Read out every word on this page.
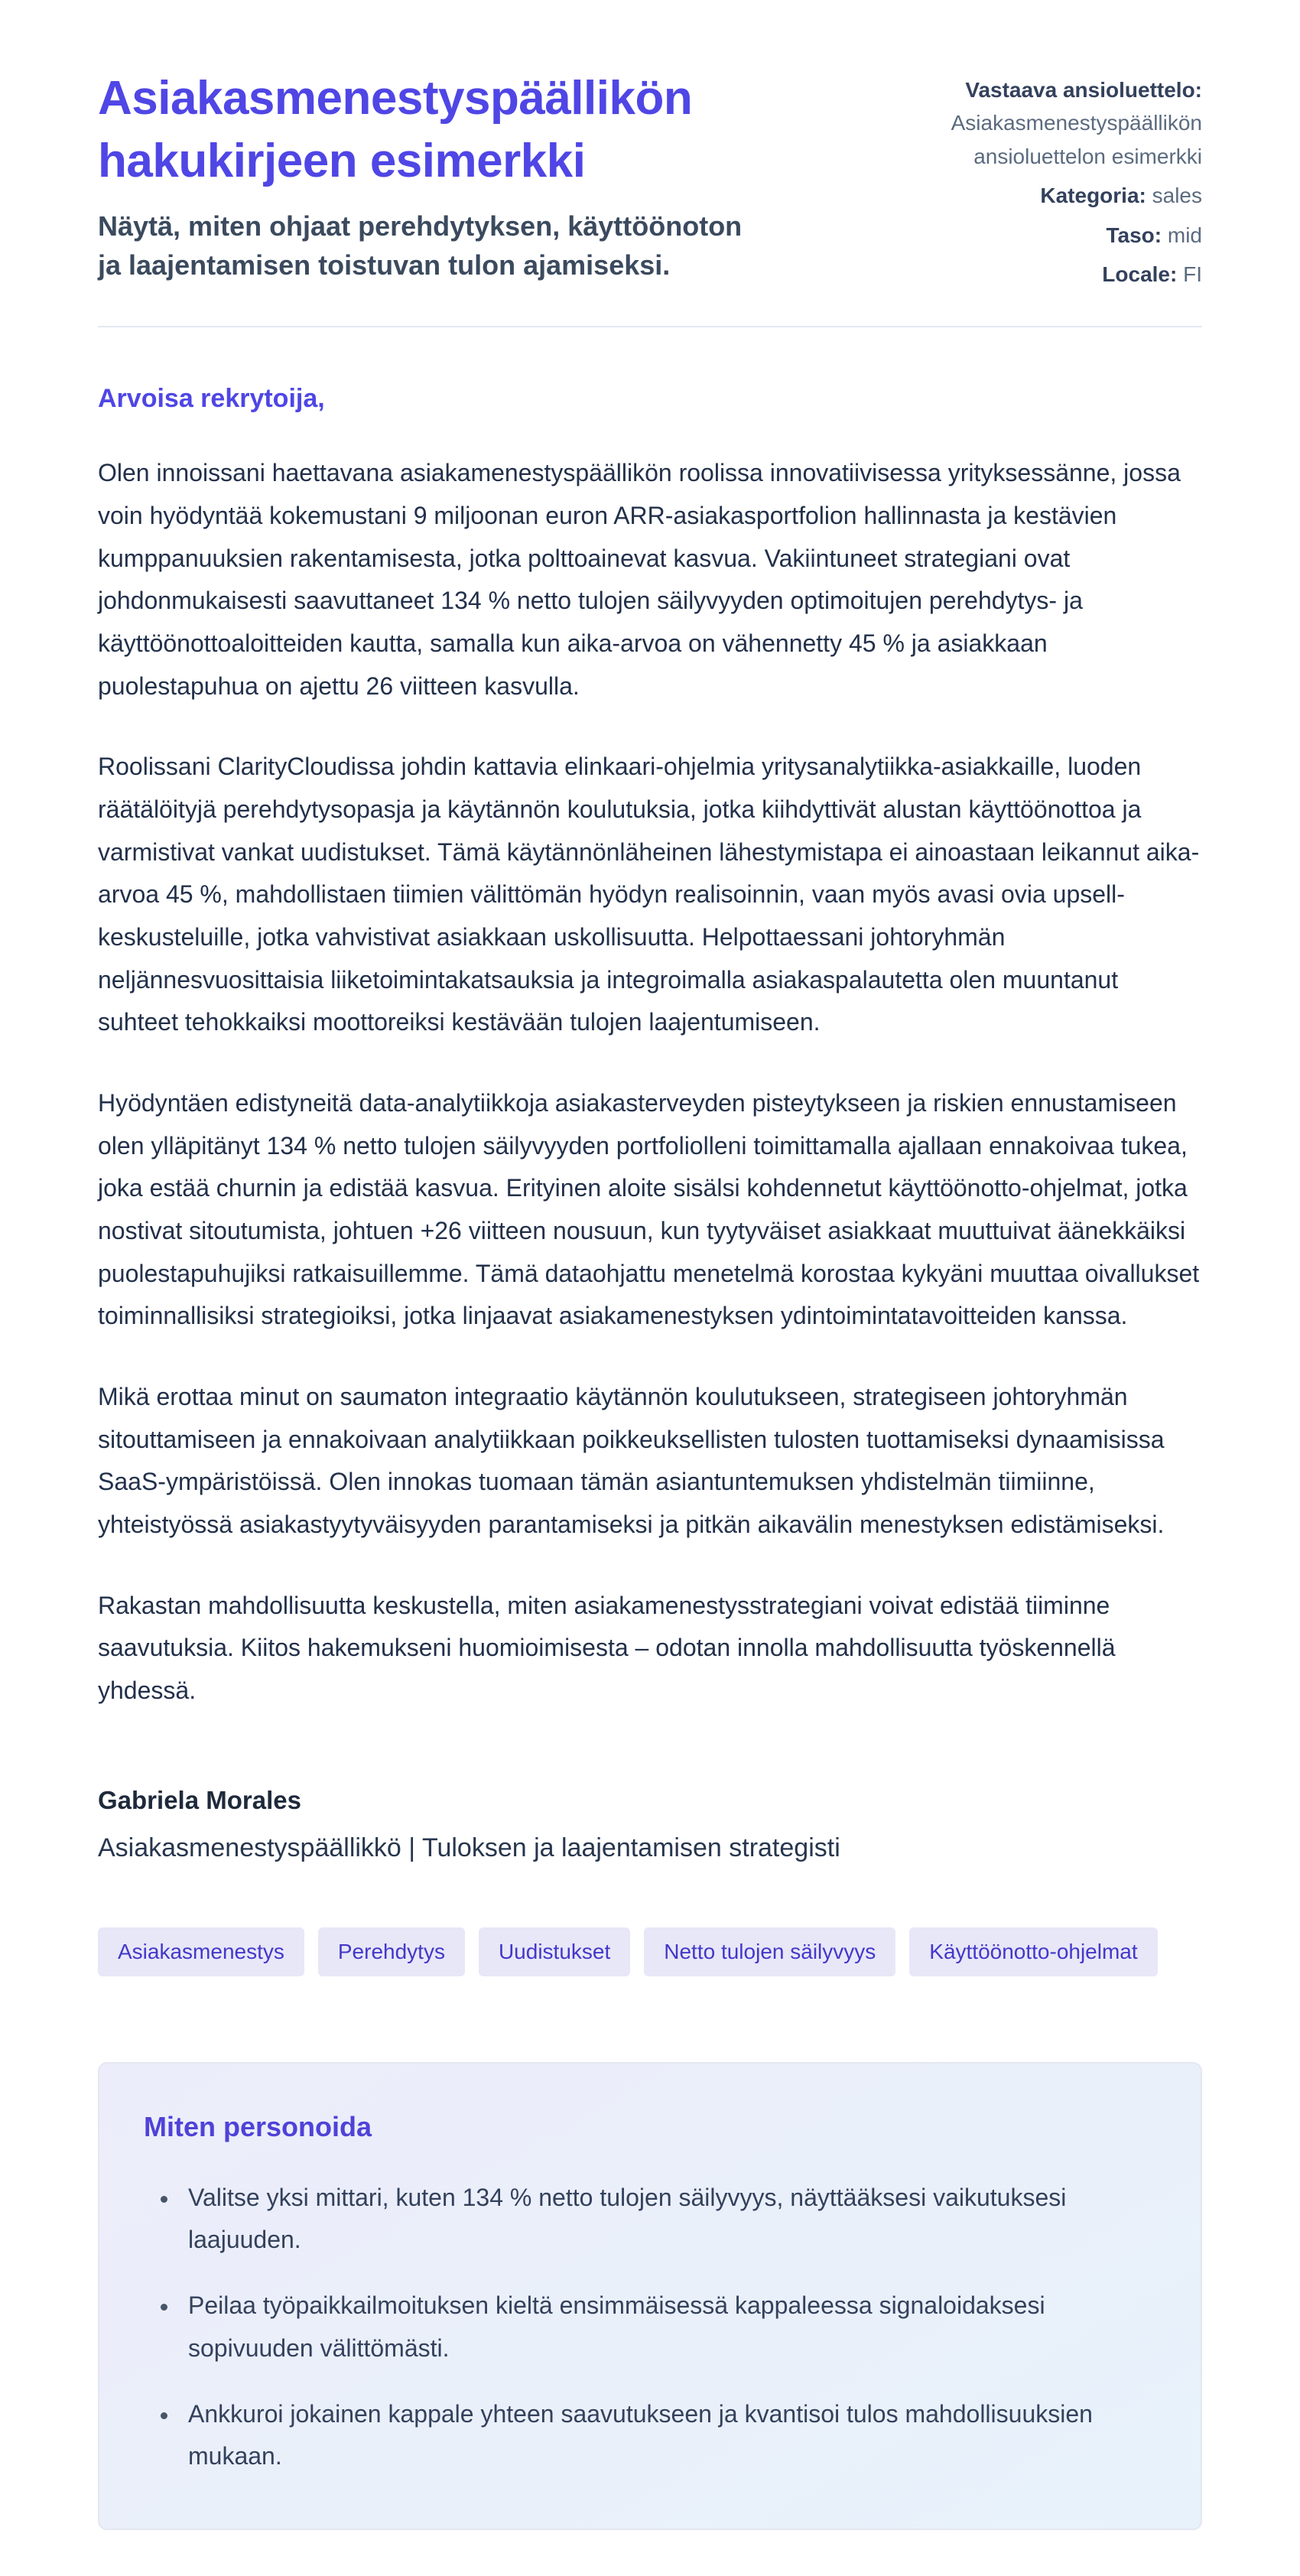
Asiakasmenestyspäällikön hakukirjeen esimerkki

Näytä, miten ohjaat perehdytyksen, käyttöönoton ja laajentamisen toistuvan tulon ajamiseksi.

Vastaava ansioluettelo:
Asiakasmenestyspäällikön ansioluettelon esimerkki
Kategoria: sales
Taso: mid
Locale: FI

Arvoisa rekrytoija,

Olen innoissani haettavana asiakamenestyspäällikön roolissa innovatiivisessa yrityksessänne, jossa voin hyödyntää kokemustani 9 miljoonan euron ARR-asiakasportfolion hallinnasta ja kestävien kumppanuuksien rakentamisesta, jotka polttoainevat kasvua. Vakiintuneet strategiani ovat johdonmukaisesti saavuttaneet 134 % netto tulojen säilyvyyden optimoitujen perehdytys- ja käyttöönottoaloitteiden kautta, samalla kun aika-arvoa on vähennetty 45 % ja asiakkaan puolestapuhua on ajettu 26 viitteen kasvulla.

Roolissani ClarityCloudissa johdin kattavia elinkaari-ohjelmia yritysanalytiikka-asiakkaille, luoden räätälöityjä perehdytysopasja ja käytännön koulutuksia, jotka kiihdyttivät alustan käyttöönottoa ja varmistivat vankat uudistukset. Tämä käytännönläheinen lähestymistapa ei ainoastaan leikannut aika-arvoa 45 %, mahdollistaen tiimien välittömän hyödyn realisoinnin, vaan myös avasi ovia upsell-keskusteluille, jotka vahvistivat asiakkaan uskollisuutta. Helpottaessani johtoryhmän neljännesvuosittaisia liiketoimintakatsauksia ja integroimalla asiakaspalautetta olen muuntanut suhteet tehokkaiksi moottoreiksi kestävään tulojen laajentumiseen.

Hyödyntäen edistyneitä data-analytiikkoja asiakasterveyden pisteytykseen ja riskien ennustamiseen olen ylläpitänyt 134 % netto tulojen säilyvyyden portfoliolleni toimittamalla ajallaan ennakoivaa tukea, joka estää churnin ja edistää kasvua. Erityinen aloite sisälsi kohdennetut käyttöönotto-ohjelmat, jotka nostivat sitoutumista, johtuen +26 viitteen nousuun, kun tyytyväiset asiakkaat muuttuivat äänekkäiksi puolestapuhujiksi ratkaisuillemme. Tämä dataohjattu menetelmä korostaa kykyäni muuttaa oivallukset toiminnallisiksi strategioiksi, jotka linjaavat asiakamenestyksen ydintoimintatavoitteiden kanssa.

Mikä erottaa minut on saumaton integraatio käytännön koulutukseen, strategiseen johtoryhmän sitouttamiseen ja ennakoivaan analytiikkaan poikkeuksellisten tulosten tuottamiseksi dynaamisissa SaaS-ympäristöissä. Olen innokas tuomaan tämän asiantuntemuksen yhdistelmän tiimiinne, yhteistyössä asiakastyytyväisyyden parantamiseksi ja pitkän aikavälin menestyksen edistämiseksi.

Rakastan mahdollisuutta keskustella, miten asiakamenestysstrategiani voivat edistää tiiminne saavutuksia. Kiitos hakemukseni huomioimisesta – odotan innolla mahdollisuutta työskennellä yhdessä.

Gabriela Morales

Asiakasmenestyspäällikkö | Tuloksen ja laajentamisen strategisti

Asiakasmenestys	Perehdytys	Uudistukset	Netto tulojen säilyvyys	Käyttöönotto-ohjelmat
Miten personoida
• Valitse yksi mittari, kuten 134 % netto tulojen säilyvyys, näyttääksesi vaikutuksesi laajuuden.
• Peilaa työpaikkailmoituksen kieltä ensimmäisessä kappaleessa signaloidaksesi sopivuuden välittömästi.
• Ankkuroi jokainen kappale yhteen saavutukseen ja kvantisoi tulos mahdollisuuksien mukaan.
